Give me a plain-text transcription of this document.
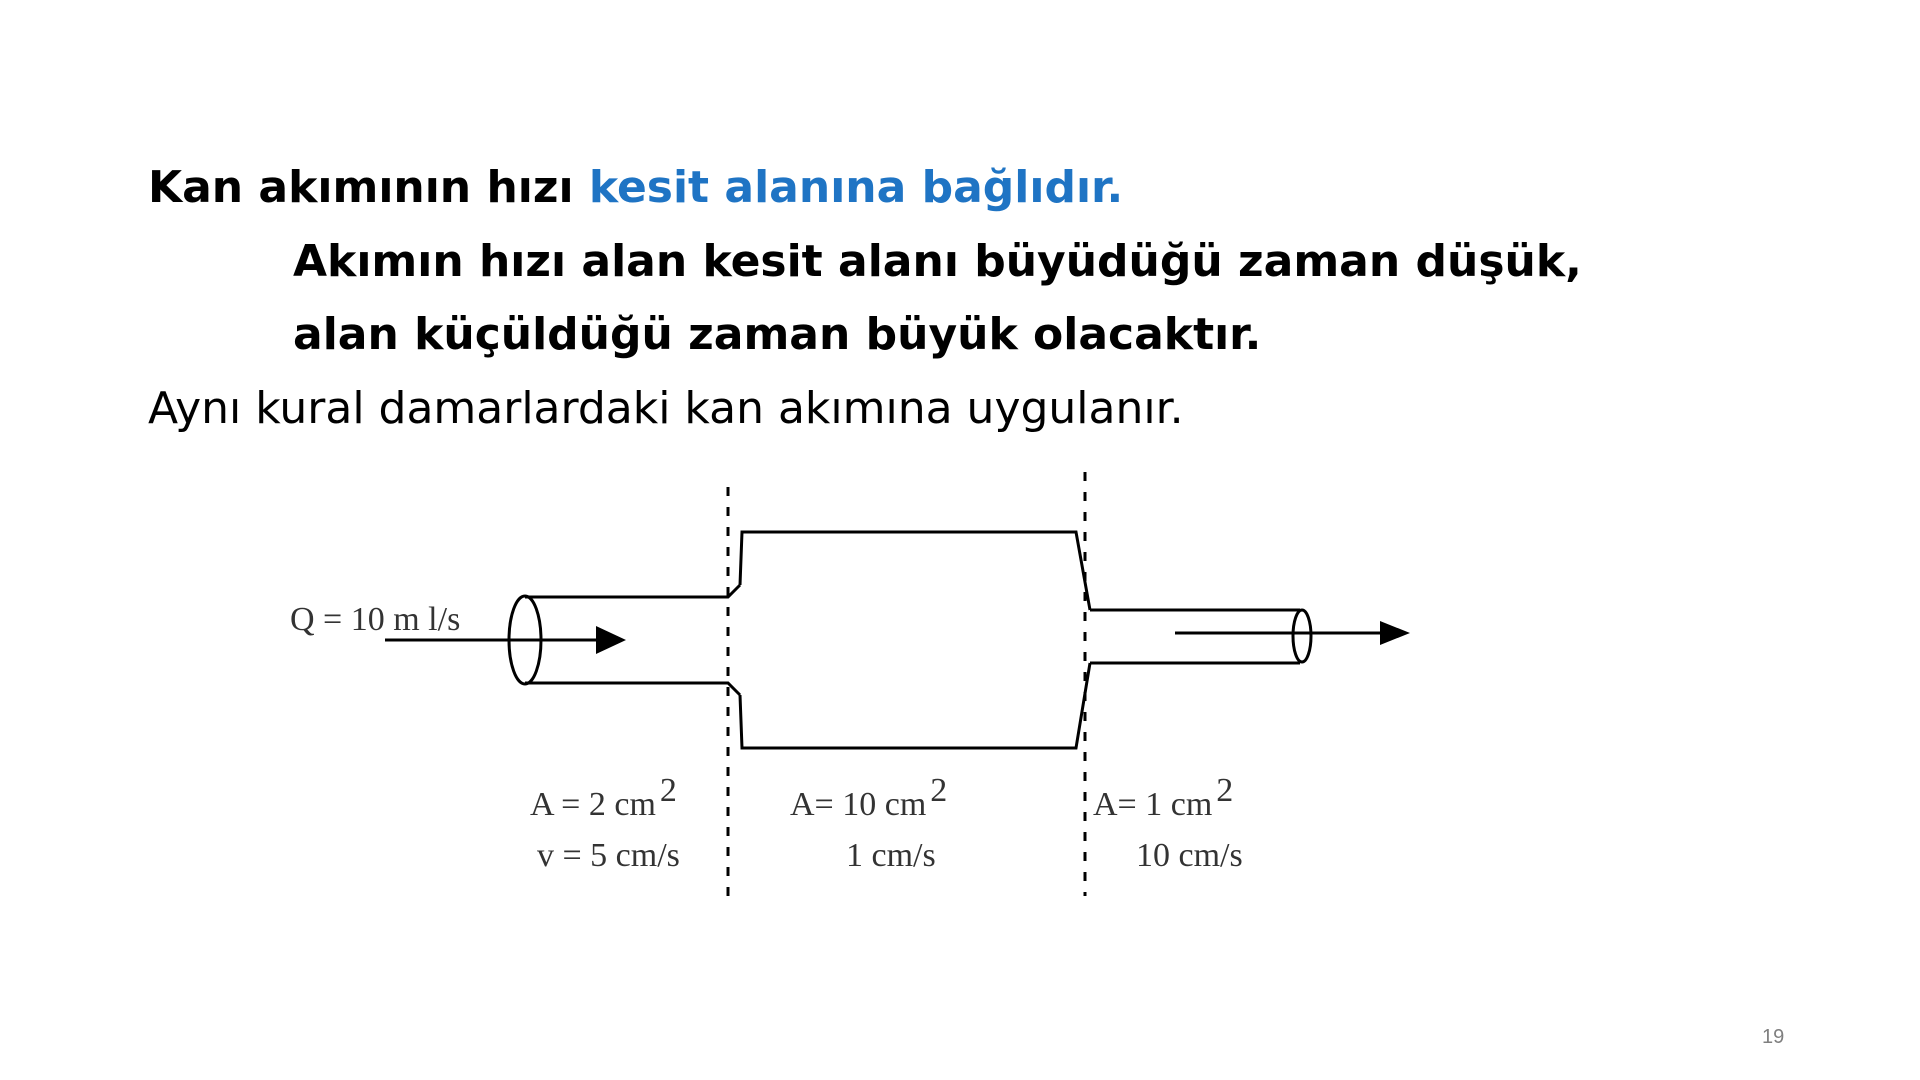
Kan akımının hızı kesit alanına bağlıdır.
Akımın hızı alan kesit alanı büyüdüğü zaman düşük,
alan küçüldüğü zaman büyük olacaktır.
Aynı kural damarlardaki kan akımına uygulanır.
Q = 10 m l/s
A = 2 cm 2
v = 5 cm/s
A= 10 cm 2
1 cm/s
A= 1 cm 2
10 cm/s
19
